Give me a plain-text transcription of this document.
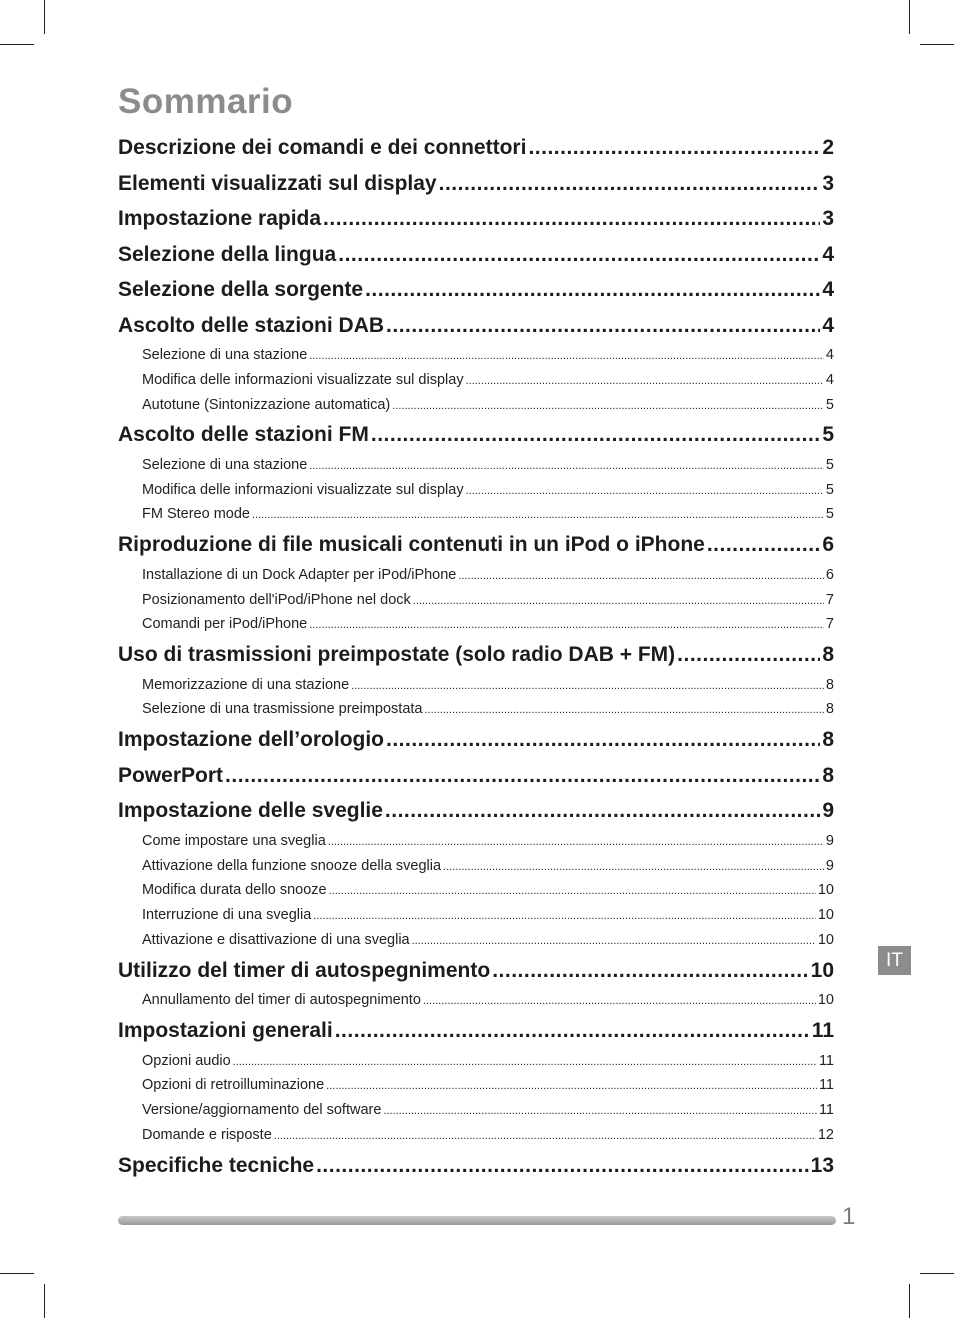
Sommario
Descrizione dei comandi e dei connettori .....	2
Elementi visualizzati sul display .....	3
Impostazione rapida .....	3
Selezione della lingua .....	4
Selezione della sorgente .....	4
Ascolto delle stazioni DAB .....	4
Selezione di una stazione .....	4
Modifica delle informazioni visualizzate sul display .....	4
Autotune (Sintonizzazione automatica) .....	5
Ascolto delle stazioni FM .....	5
Selezione di una stazione .....	5
Modifica delle informazioni visualizzate sul display .....	5
FM Stereo mode .....	5
Riproduzione di file musicali contenuti in un iPod o iPhone .....	6
Installazione di un Dock Adapter per iPod/iPhone .....	6
Posizionamento dell'iPod/iPhone nel dock .....	7
Comandi per iPod/iPhone .....	7
Uso di trasmissioni preimpostate (solo radio DAB + FM) .....	8
Memorizzazione di una stazione .....	8
Selezione di una trasmissione preimpostata .....	8
Impostazione dell’orologio .....	8
PowerPort .....	8
Impostazione delle sveglie .....	9
Come impostare una sveglia .....	9
Attivazione della funzione snooze della sveglia .....	9
Modifica durata dello snooze .....	10
Interruzione di una sveglia .....	10
Attivazione e disattivazione di una sveglia .....	10
Utilizzo del timer di autospegnimento .....	10
Annullamento del timer di autospegnimento .....	10
Impostazioni generali .....	11
Opzioni audio .....	11
Opzioni di retroilluminazione .....	11
Versione/aggiornamento del software .....	11
Domande e risposte .....	12
Specifiche tecniche .....	13
IT
1
